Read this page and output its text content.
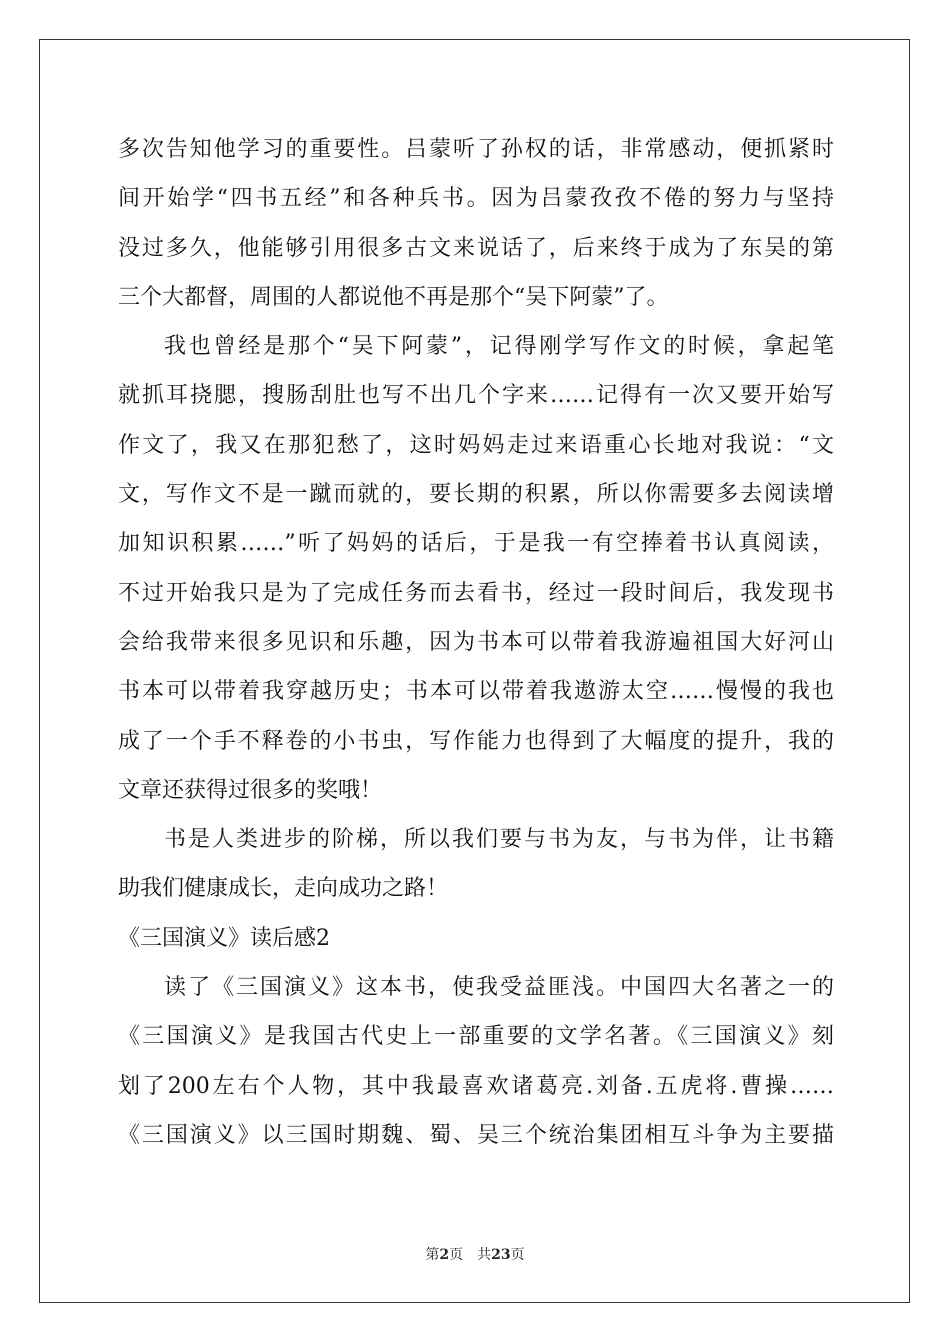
多次告知他学习的重要性。吕蒙听了孙权的话，非常感动，便抓紧时
间开始学“四书五经”和各种兵书。因为吕蒙孜孜不倦的努力与坚持
没过多久，他能够引用很多古文来说话了，后来终于成为了东吴的第
三个大都督，周围的人都说他不再是那个“吴下阿蒙”了。
我也曾经是那个“吴下阿蒙”，记得刚学写作文的时候，拿起笔
就抓耳挠腮，搜肠刮肚也写不出几个字来……记得有一次又要开始写
作文了，我又在那犯愁了，这时妈妈走过来语重心长地对我说：“文
文，写作文不是一蹴而就的，要长期的积累，所以你需要多去阅读增
加知识积累……”听了妈妈的话后，于是我一有空捧着书认真阅读，
不过开始我只是为了完成任务而去看书，经过一段时间后，我发现书
会给我带来很多见识和乐趣，因为书本可以带着我游遍祖国大好河山
书本可以带着我穿越历史；书本可以带着我遨游太空……慢慢的我也
成了一个手不释卷的小书虫，写作能力也得到了大幅度的提升，我的
文章还获得过很多的奖哦！
书是人类进步的阶梯，所以我们要与书为友，与书为伴，让书籍
助我们健康成长，走向成功之路！
《三国演义》读后感2
读了《三国演义》这本书，使我受益匪浅。中国四大名著之一的
《三国演义》是我国古代史上一部重要的文学名著。《三国演义》刻
划了200左右个人物，其中我最喜欢诸葛亮.刘备.五虎将.曹操……
《三国演义》以三国时期魏、蜀、吴三个统治集团相互斗争为主要描
第2页 共23页
